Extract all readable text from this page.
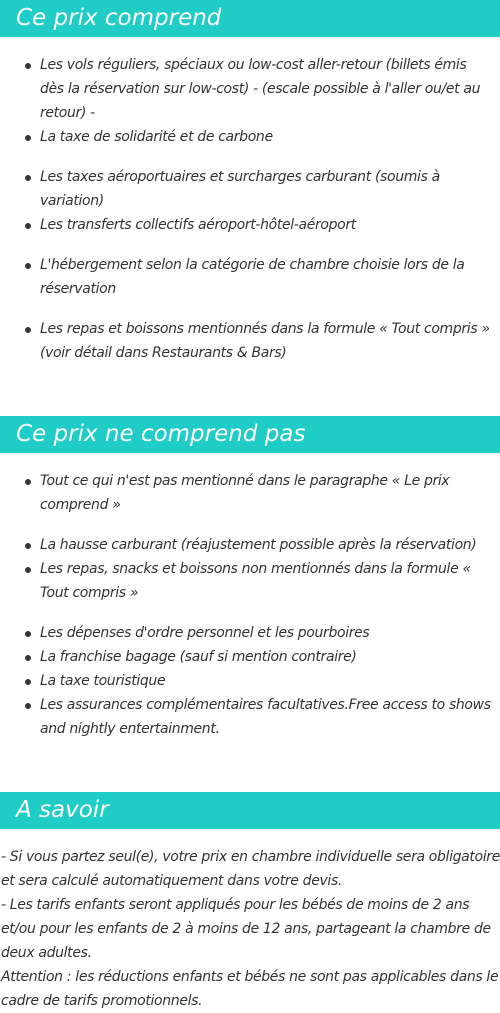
Ce prix comprend
Les vols réguliers, spéciaux ou low-cost aller-retour (billets émis dès la réservation sur low-cost) - (escale possible à l'aller ou/et au retour) -
La taxe de solidarité et de carbone
Les taxes aéroportuaires et surcharges carburant (soumis à variation)
Les transferts collectifs aéroport-hôtel-aéroport
L'hébergement selon la catégorie de chambre choisie lors de la réservation
Les repas et boissons mentionnés dans la formule « Tout compris » (voir détail dans Restaurants & Bars)
Ce prix ne comprend pas
Tout ce qui n'est pas mentionné dans le paragraphe « Le prix comprend »
La hausse carburant (réajustement possible après la réservation)
Les repas, snacks et boissons non mentionnés dans la formule « Tout compris »
Les dépenses d'ordre personnel et les pourboires
La franchise bagage (sauf si mention contraire)
La taxe touristique
Les assurances complémentaires facultatives.Free access to shows and nightly entertainment.
A savoir

- Si vous partez seul(e), votre prix en chambre individuelle sera obligatoire et sera calculé automatiquement dans votre devis.

- Les tarifs enfants seront appliqués pour les bébés de moins de 2 ans et/ou pour les enfants de 2 à moins de 12 ans, partageant la chambre de deux adultes.

Attention : les réductions enfants et bébés ne sont pas applicables dans le cadre de tarifs promotionnels.
